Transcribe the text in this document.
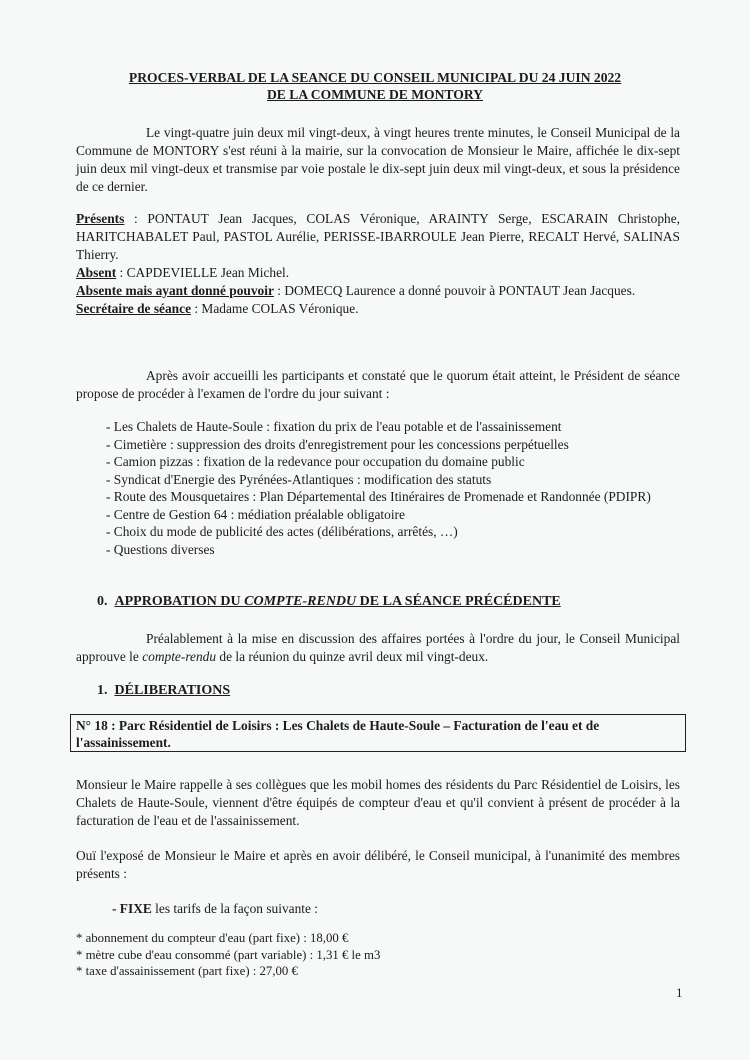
PROCES-VERBAL DE LA SEANCE DU CONSEIL MUNICIPAL DU 24 JUIN 2022
DE LA COMMUNE DE MONTORY

Le vingt-quatre juin deux mil vingt-deux, à vingt heures trente minutes, le Conseil Municipal de la Commune de MONTORY s'est réuni à la mairie, sur la convocation de Monsieur le Maire, affichée le dix-sept juin deux mil vingt-deux et transmise par voie postale le dix-sept juin deux mil vingt-deux, et sous la présidence de ce dernier.

Présents : PONTAUT Jean Jacques, COLAS Véronique, ARAINTY Serge, ESCARAIN Christophe, HARITCHABALET Paul, PASTOL Aurélie, PERISSE-IBARROULE Jean Pierre, RECALT Hervé, SALINAS Thierry.
Absent : CAPDEVIELLE Jean Michel.
Absente mais ayant donné pouvoir : DOMECQ Laurence a donné pouvoir à PONTAUT Jean Jacques.
Secrétaire de séance : Madame COLAS Véronique.

Après avoir accueilli les participants et constaté que le quorum était atteint, le Président de séance propose de procéder à l'examen de l'ordre du jour suivant :

- Les Chalets de Haute-Soule : fixation du prix de l'eau potable et de l'assainissement
- Cimetière : suppression des droits d'enregistrement pour les concessions perpétuelles
- Camion pizzas : fixation de la redevance pour occupation du domaine public
- Syndicat d'Energie des Pyrénées-Atlantiques : modification des statuts
- Route des Mousquetaires : Plan Départemental des Itinéraires de Promenade et Randonnée (PDIPR)
- Centre de Gestion 64 : médiation préalable obligatoire
- Choix du mode de publicité des actes (délibérations, arrêtés, …)
- Questions diverses
0. APPROBATION DU COMPTE-RENDU DE LA SÉANCE PRÉCÉDENTE

Préalablement à la mise en discussion des affaires portées à l'ordre du jour, le Conseil Municipal approuve le compte-rendu de la réunion du quinze avril deux mil vingt-deux.

1. DÉLIBERATIONS
N° 18 : Parc Résidentiel de Loisirs : Les Chalets de Haute-Soule – Facturation de l'eau et de l'assainissement.

Monsieur le Maire rappelle à ses collègues que les mobil homes des résidents du Parc Résidentiel de Loisirs, les Chalets de Haute-Soule, viennent d'être équipés de compteur d'eau et qu'il convient à présent de procéder à la facturation de l'eau et de l'assainissement.

Ouï l'exposé de Monsieur le Maire et après en avoir délibéré, le Conseil municipal, à l'unanimité des membres présents :

- FIXE les tarifs de la façon suivante :
* abonnement du compteur d'eau (part fixe) : 18,00 €
* mètre cube d'eau consommé (part variable) : 1,31 € le m3
* taxe d'assainissement (part fixe) : 27,00 €
1
